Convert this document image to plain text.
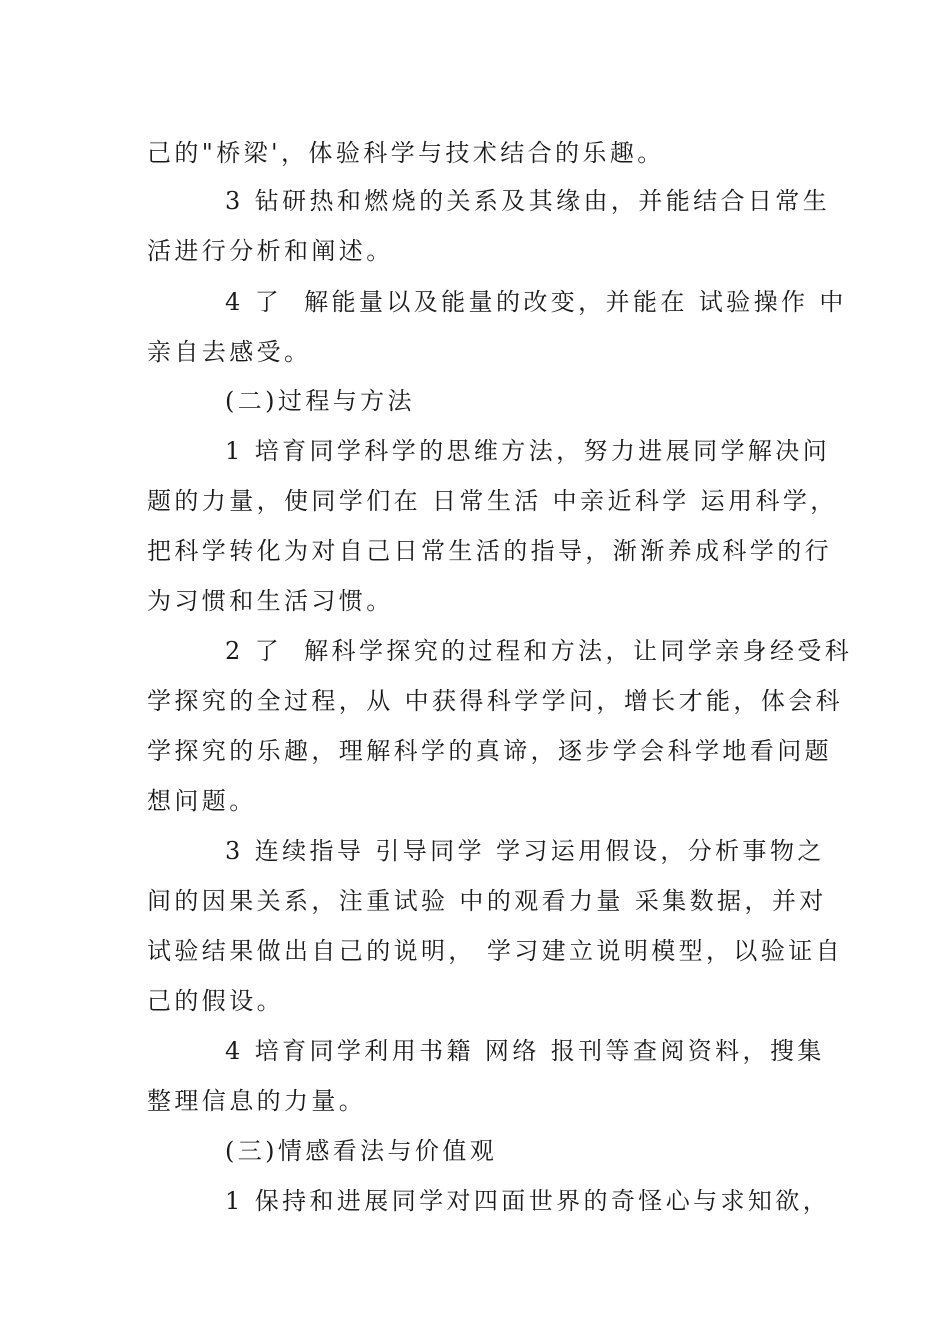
己的"桥梁'，体验科学与技术结合的乐趣。
3 钻研热和燃烧的关系及其缘由，并能结合日常生
活进行分析和阐述。
4 了  解能量以及能量的改变，并能在 试验操作 中
亲自去感受。
(二)过程与方法
1 培育同学科学的思维方法，努力进展同学解决问
题的力量，使同学们在 日常生活 中亲近科学 运用科学，
把科学转化为对自己日常生活的指导，渐渐养成科学的行
为习惯和生活习惯。
2 了  解科学探究的过程和方法，让同学亲身经受科
学探究的全过程，从 中获得科学学问，增长才能，体会科
学探究的乐趣，理解科学的真谛，逐步学会科学地看问题
想问题。
3 连续指导 引导同学 学习运用假设，分析事物之
间的因果关系，注重试验 中的观看力量 采集数据，并对
试验结果做出自己的说明， 学习建立说明模型，以验证自
己的假设。
4 培育同学利用书籍 网络 报刊等查阅资料，搜集
整理信息的力量。
(三)情感看法与价值观
1 保持和进展同学对四面世界的奇怪心与求知欲，
